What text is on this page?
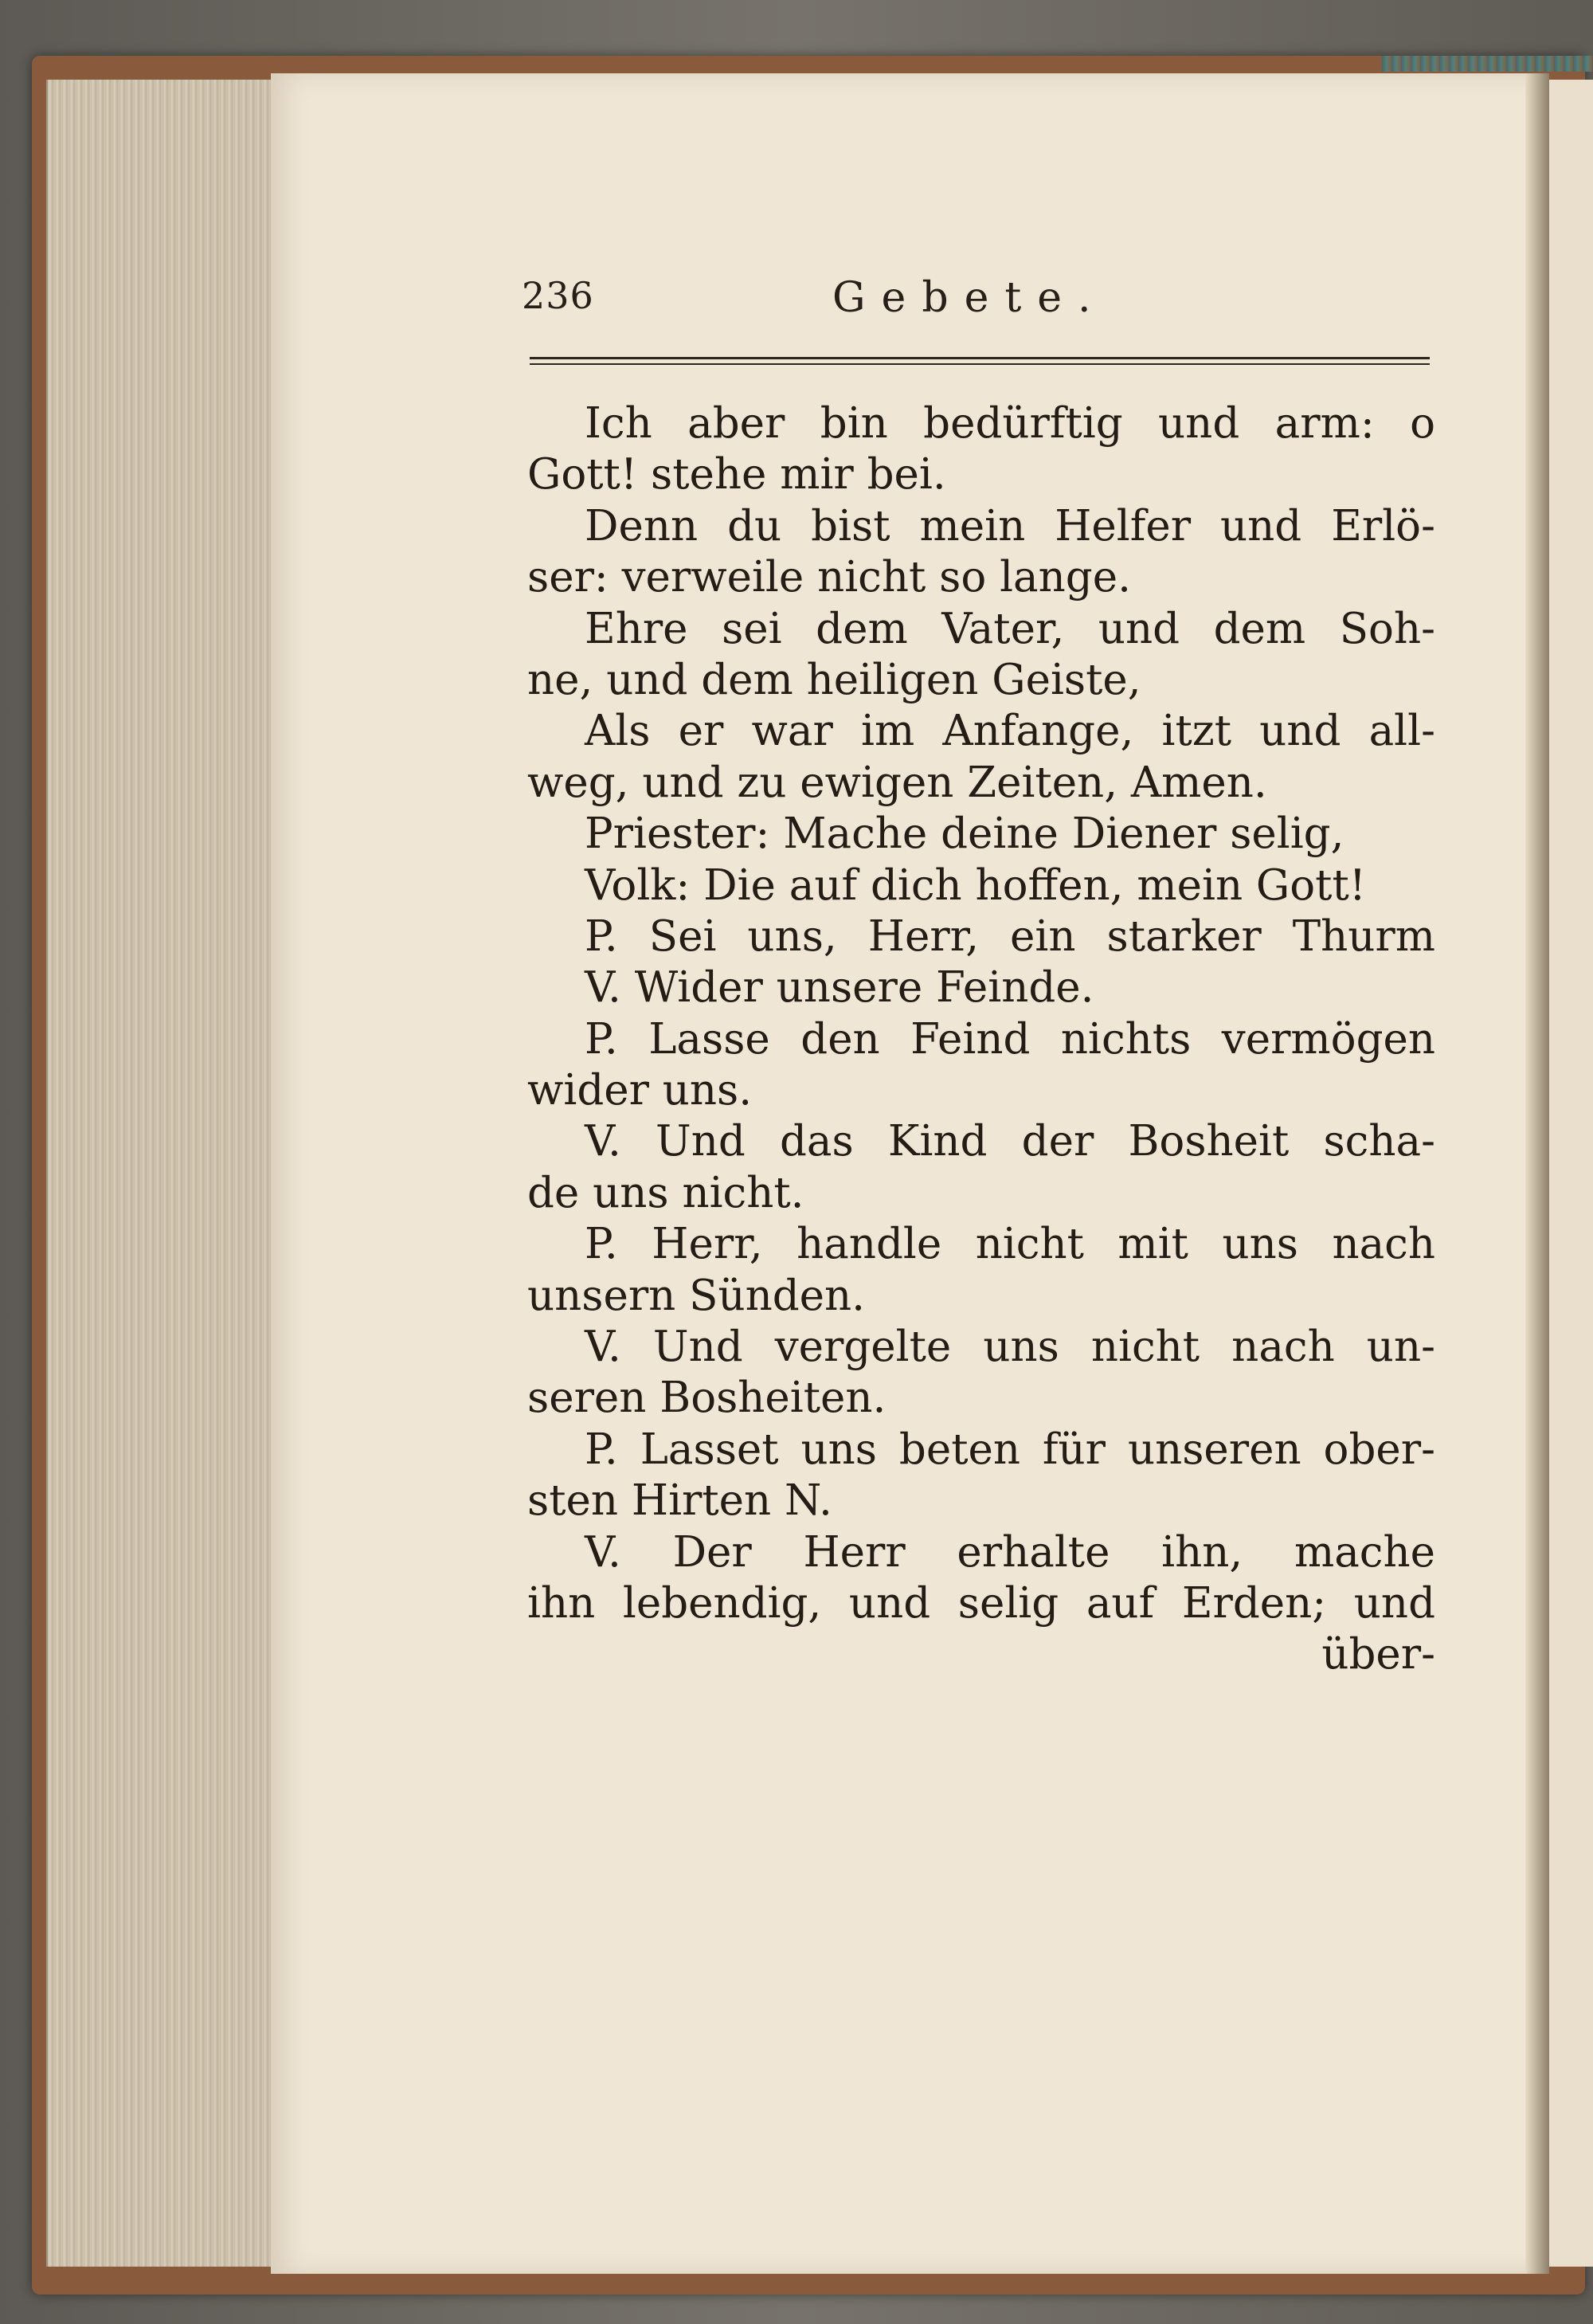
236	Gebete.
Ich aber bin bedürftig und arm: o
Gott! stehe mir bei.
Denn du bist mein Helfer und Erlö-
ser: verweile nicht so lange.
Ehre sei dem Vater, und dem Soh-
ne, und dem heiligen Geiste,
Als er war im Anfange, itzt und all-
weg, und zu ewigen Zeiten, Amen.
Priester: Mache deine Diener selig,
Volk: Die auf dich hoffen, mein Gott!
P. Sei uns, Herr, ein starker Thurm
V. Wider unsere Feinde.
P. Lasse den Feind nichts vermögen
wider uns.
V. Und das Kind der Bosheit scha-
de uns nicht.
P. Herr, handle nicht mit uns nach
unsern Sünden.
V. Und vergelte uns nicht nach un-
seren Bosheiten.
P. Lasset uns beten für unseren ober-
sten Hirten N.
V. Der Herr erhalte ihn, mache
ihn lebendig, und selig auf Erden; und
über-
